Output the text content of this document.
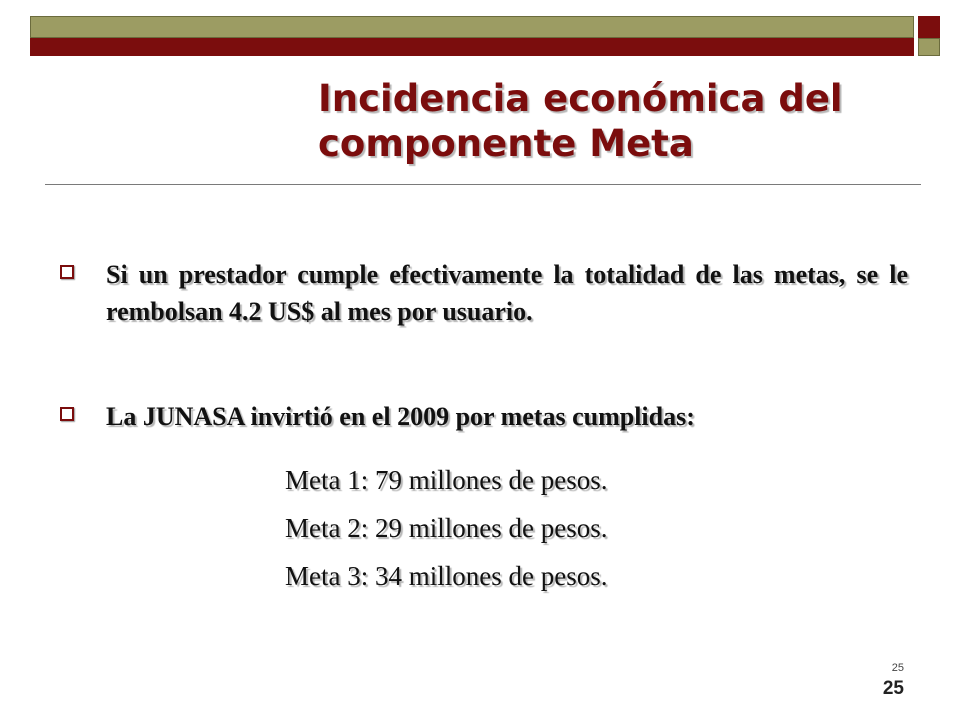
Incidencia económica del
componente Meta
Si un prestador cumple efectivamente la totalidad de las metas, se le rembolsan 4.2 US$ al mes por usuario.
La JUNASA invirtió en el 2009 por metas cumplidas:
Meta 1: 79 millones de pesos.
Meta 2: 29 millones de pesos.
Meta 3: 34 millones de pesos.
25
25
